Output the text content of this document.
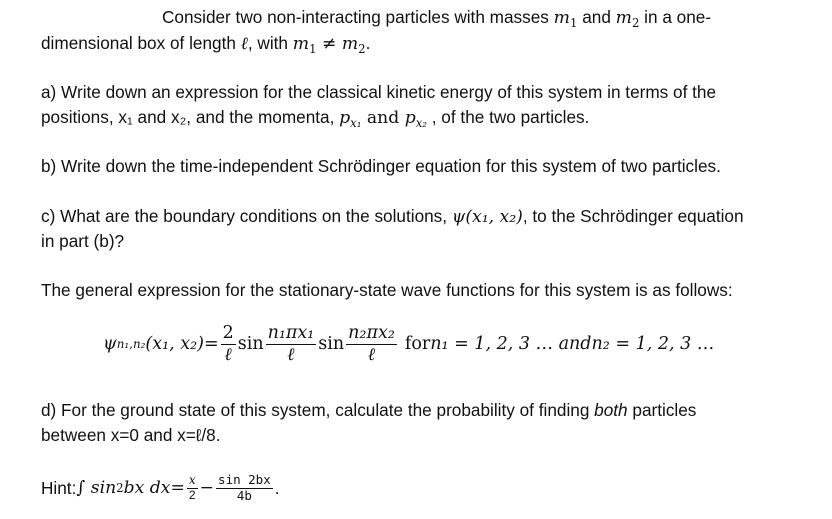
Consider two non-interacting particles with masses $m_1$ and $m_2$ in a one-
dimensional box of length ℓ, with $m_1 \ne m_2$.
a) Write down an expression for the classical kinetic energy of this system in terms of the
positions, x₁ and x₂, and the momenta, $p_{x_1}$ and $p_{x_2}$ , of the two particles.
b) Write down the time-independent Schrödinger equation for this system of two particles.
c) What are the boundary conditions on the solutions, ψ(x₁, x₂), to the Schrödinger equation
in part (b)?
The general expression for the stationary-state wave functions for this system is as follows:
ψ n₁,n₂ (x₁, $x_2) = \frac{2}{\text{ℓ}}$ $\sin \frac{\text{n₁πx₁}}{\text{ℓ}}$ $\sin \frac{\text{n₂πx₂}}{\text{ℓ}}$ for n₁ = 1, 2, 3 … and n₂ = 1, 2, 3 …
d) For the ground state of this system, calculate the probability of finding both particles
between x=0 and x=ℓ/8.
Hint: ∫ sin 2 bx dx = $\frac{x}{2} - \frac{\sin 2bx}{4b}$ .
